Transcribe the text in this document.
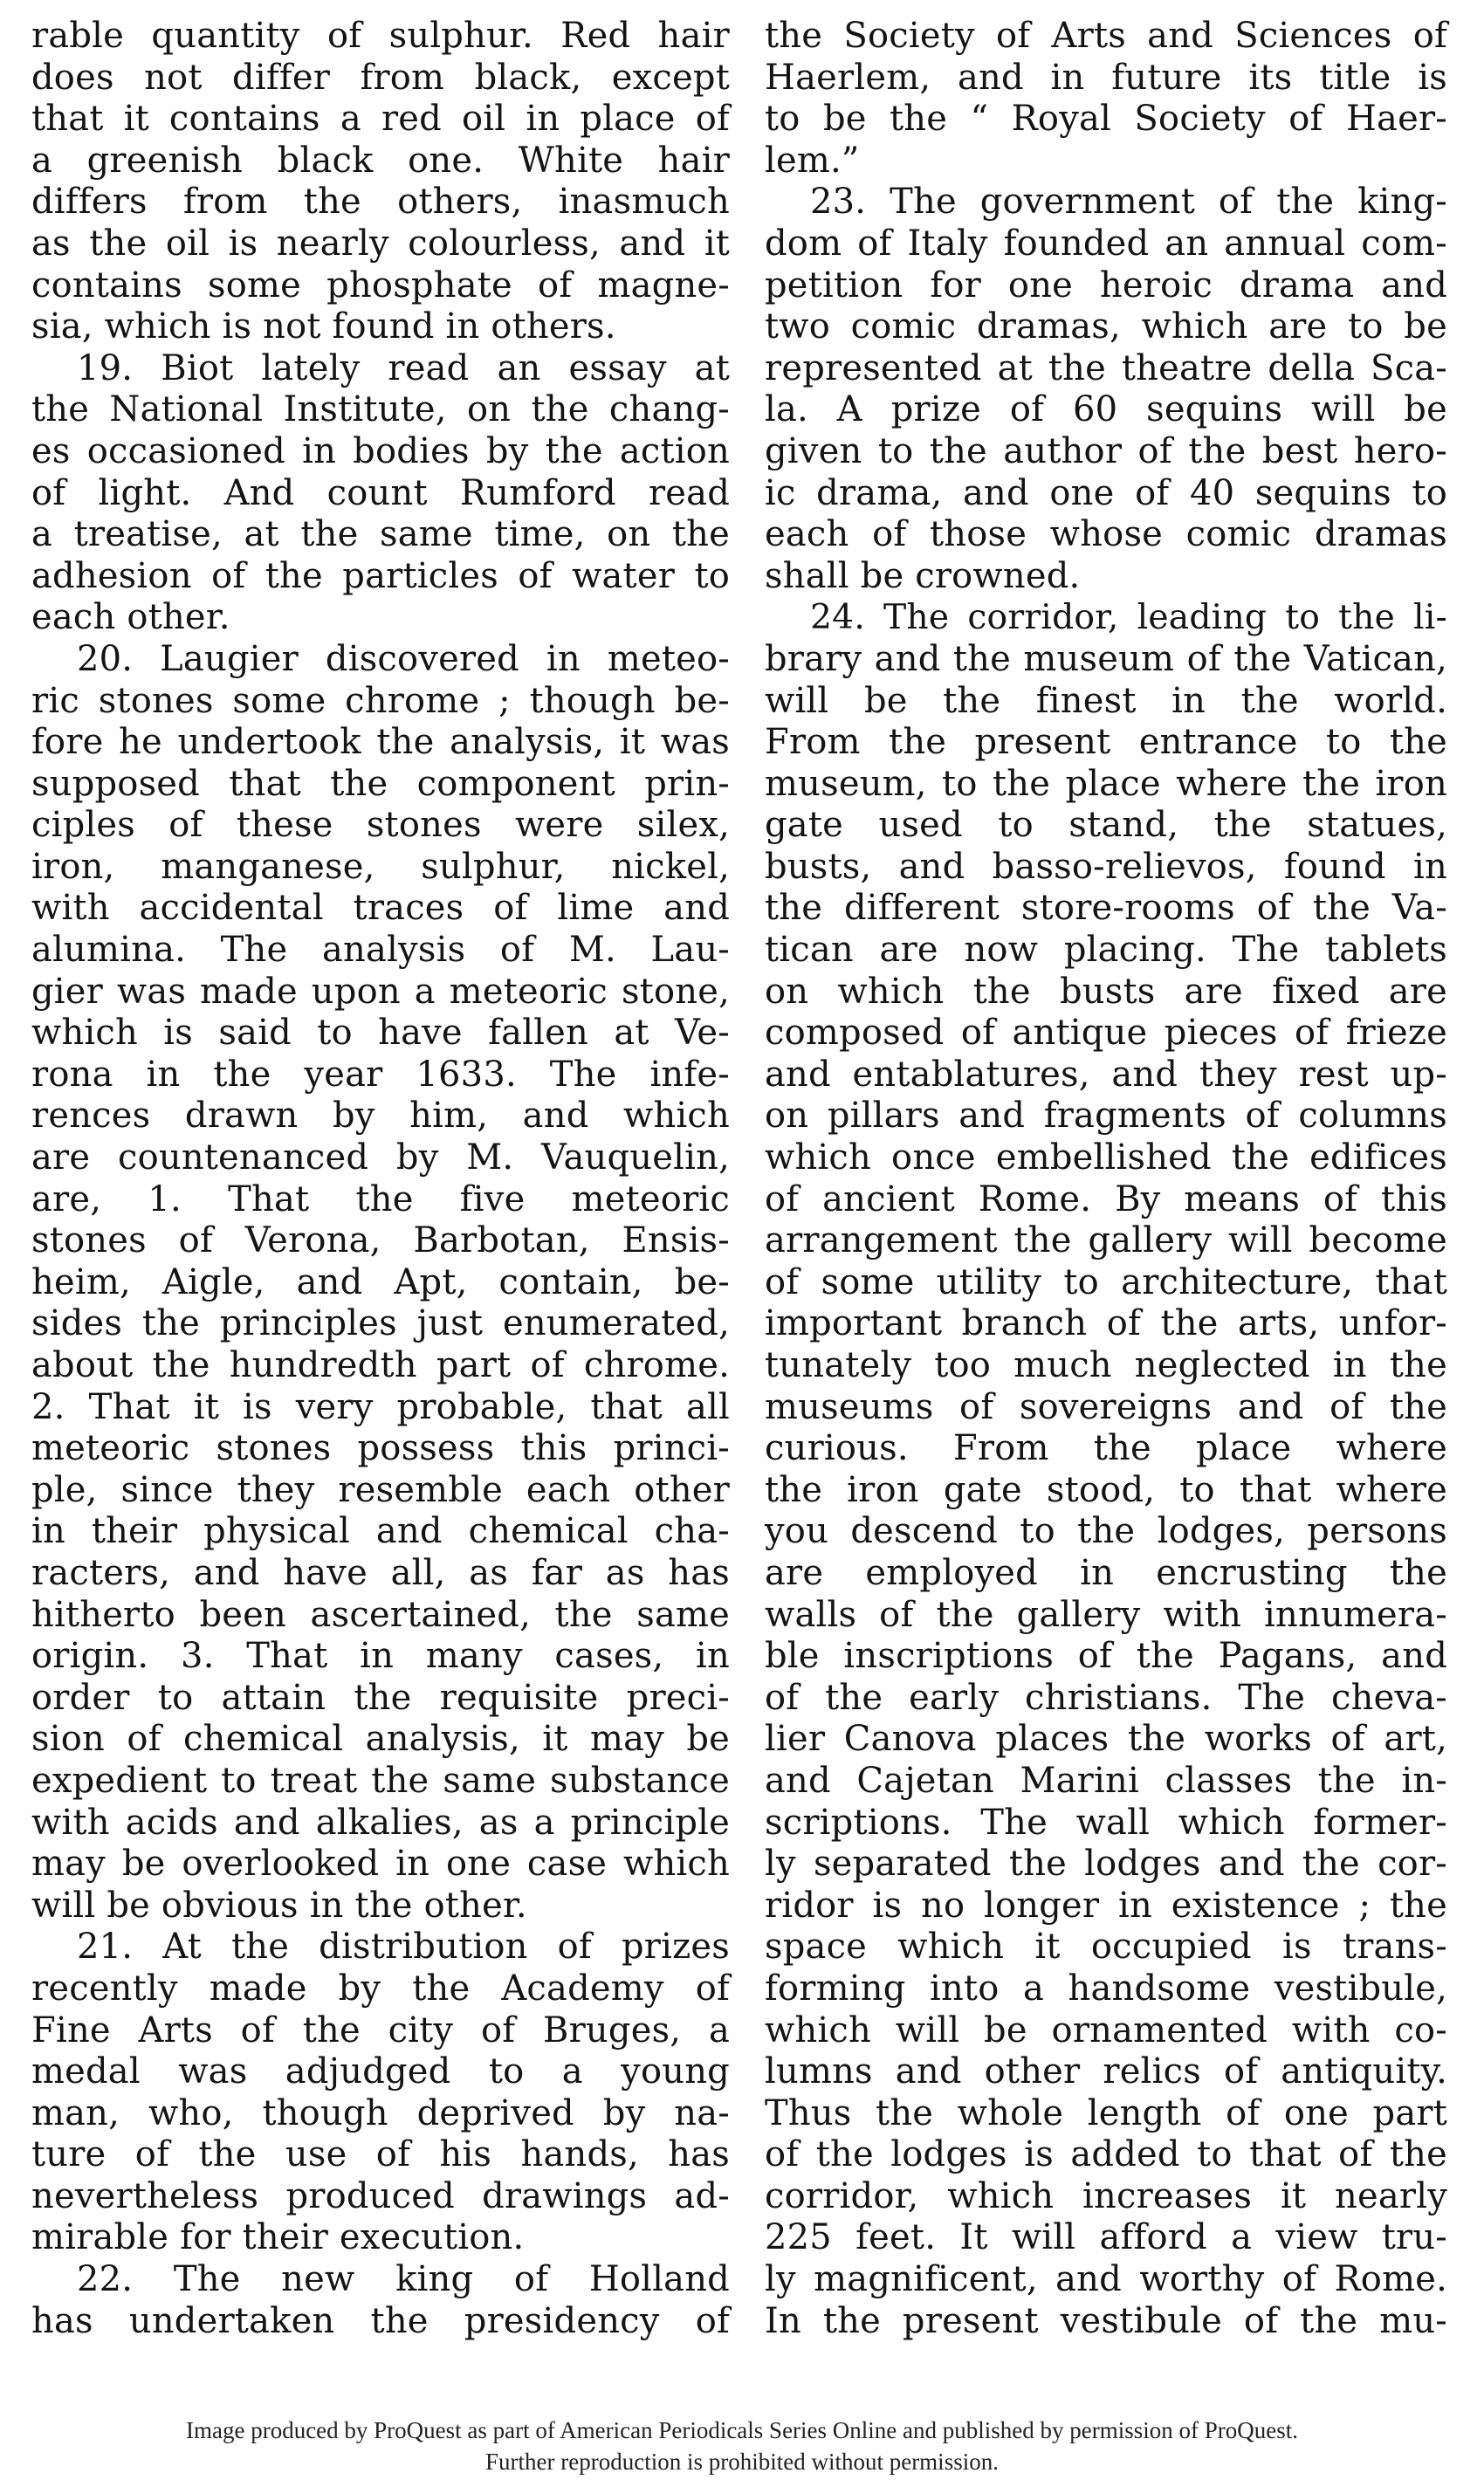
rable quantity of sulphur. Red hair
does not differ from black, except
that it contains a red oil in place of
a greenish black one. White hair
differs from the others, inasmuch
as the oil is nearly colourless, and it
contains some phosphate of magne-
sia, which is not found in others.
19. Biot lately read an essay at
the National Institute, on the chang-
es occasioned in bodies by the action
of light. And count Rumford read
a treatise, at the same time, on the
adhesion of the particles of water to
each other.
20. Laugier discovered in meteo-
ric stones some chrome ; though be-
fore he undertook the analysis, it was
supposed that the component prin-
ciples of these stones were silex,
iron, manganese, sulphur, nickel,
with accidental traces of lime and
alumina. The analysis of M. Lau-
gier was made upon a meteoric stone,
which is said to have fallen at Ve-
rona in the year 1633. The infe-
rences drawn by him, and which
are countenanced by M. Vauquelin,
are, 1. That the five meteoric
stones of Verona, Barbotan, Ensis-
heim, Aigle, and Apt, contain, be-
sides the principles just enumerated,
about the hundredth part of chrome.
2. That it is very probable, that all
meteoric stones possess this princi-
ple, since they resemble each other
in their physical and chemical cha-
racters, and have all, as far as has
hitherto been ascertained, the same
origin. 3. That in many cases, in
order to attain the requisite preci-
sion of chemical analysis, it may be
expedient to treat the same substance
with acids and alkalies, as a principle
may be overlooked in one case which
will be obvious in the other.
21. At the distribution of prizes
recently made by the Academy of
Fine Arts of the city of Bruges, a
medal was adjudged to a young
man, who, though deprived by na-
ture of the use of his hands, has
nevertheless produced drawings ad-
mirable for their execution.
22. The new king of Holland
has undertaken the presidency of
the Society of Arts and Sciences of
Haerlem, and in future its title is
to be the “ Royal Society of Haer-
lem.”
23. The government of the king-
dom of Italy founded an annual com-
petition for one heroic drama and
two comic dramas, which are to be
represented at the theatre della Sca-
la. A prize of 60 sequins will be
given to the author of the best hero-
ic drama, and one of 40 sequins to
each of those whose comic dramas
shall be crowned.
24. The corridor, leading to the li-
brary and the museum of the Vatican,
will be the finest in the world.
From the present entrance to the
museum, to the place where the iron
gate used to stand, the statues,
busts, and basso-relievos, found in
the different store-rooms of the Va-
tican are now placing. The tablets
on which the busts are fixed are
composed of antique pieces of frieze
and entablatures, and they rest up-
on pillars and fragments of columns
which once embellished the edifices
of ancient Rome. By means of this
arrangement the gallery will become
of some utility to architecture, that
important branch of the arts, unfor-
tunately too much neglected in the
museums of sovereigns and of the
curious. From the place where
the iron gate stood, to that where
you descend to the lodges, persons
are employed in encrusting the
walls of the gallery with innumera-
ble inscriptions of the Pagans, and
of the early christians. The cheva-
lier Canova places the works of art,
and Cajetan Marini classes the in-
scriptions. The wall which former-
ly separated the lodges and the cor-
ridor is no longer in existence ; the
space which it occupied is trans-
forming into a handsome vestibule,
which will be ornamented with co-
lumns and other relics of antiquity.
Thus the whole length of one part
of the lodges is added to that of the
corridor, which increases it nearly
225 feet. It will afford a view tru-
ly magnificent, and worthy of Rome.
In the present vestibule of the mu-
Image produced by ProQuest as part of American Periodicals Series Online and published by permission of ProQuest.
Further reproduction is prohibited without permission.
